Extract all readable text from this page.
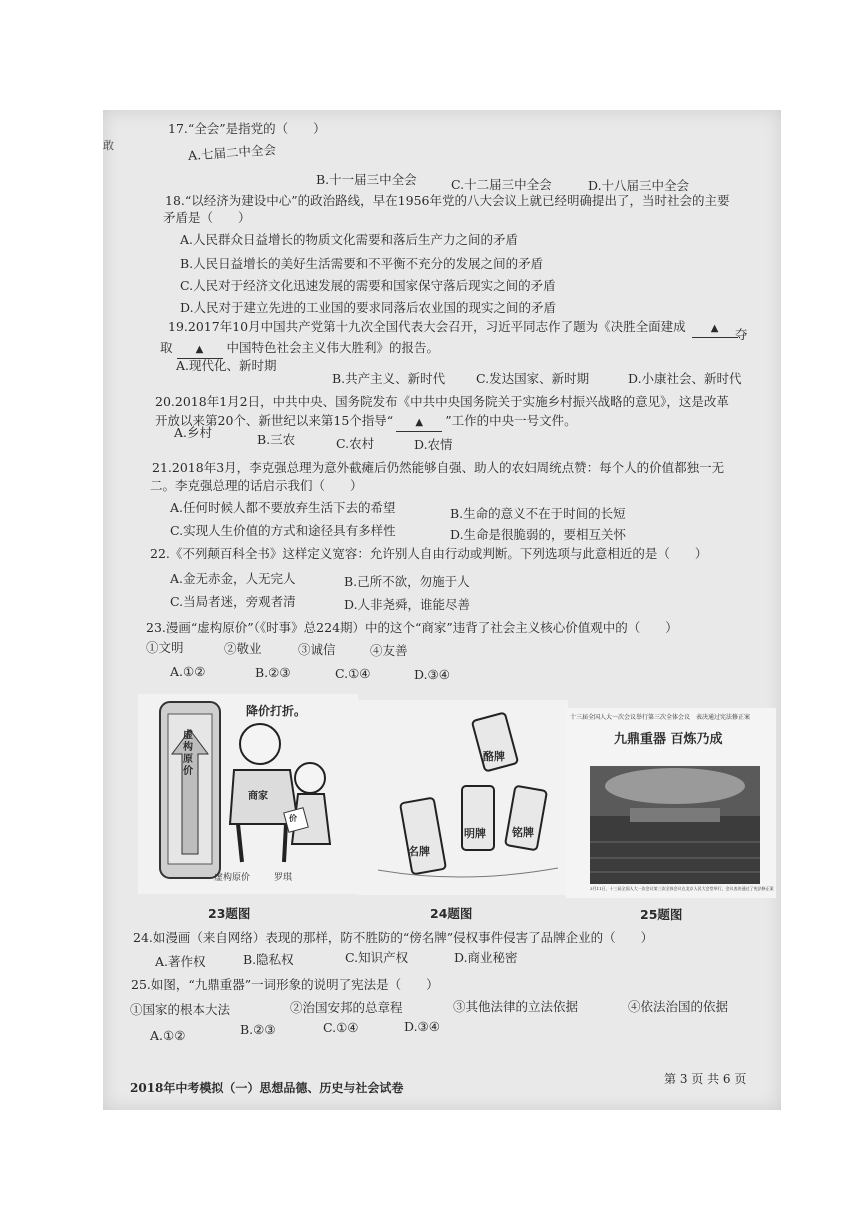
敢
17.“全会”是指党的（　　）
A.七届二中全会
B.十一届三中全会	C.十二届三中全会	D.十八届三中全会
18.“以经济为建设中心”的政治路线，早在1956年党的八大会议上就已经明确提出了，当时社会的主要
矛盾是（　　）
A.人民群众日益增长的物质文化需要和落后生产力之间的矛盾
B.人民日益增长的美好生活需要和不平衡不充分的发展之间的矛盾
C.人民对于经济文化迅速发展的需要和国家保守落后现实之间的矛盾
D.人民对于建立先进的工业国的要求同落后农业国的现实之间的矛盾
19.2017年10月中国共产党第十九次全国代表大会召开，习近平同志作了题为《决胜全面建成	▲	夺
取 ▲ 中国特色社会主义伟大胜利》的报告。
A.现代化、新时期
B.共产主义、新时代 C.发达国家、新时期	D.小康社会、新时代
20.2018年1月2日，中共中央、国务院发布《中共中央国务院关于实施乡村振兴战略的意见》，这是改革
开放以来第20个、新世纪以来第15个指导“ ▲ ”工作的中央一号文件。
A.乡村	B.三农	C.农村	D.农情
21.2018年3月，李克强总理为意外截瘫后仍然能够自强、助人的农妇周统点赞：每个人的价值都独一无
二。李克强总理的话启示我们（　　）
A.任何时候人都不要放弃生活下去的希望	B.生命的意义不在于时间的长短
C.实现人生价值的方式和途径具有多样性	D.生命是很脆弱的，要相互关怀
22.《不列颠百科全书》这样定义宽容：允许别人自由行动或判断。下列选项与此意相近的是（　　）
A.金无赤金，人无完人	B.己所不欲，勿施于人
C.当局者迷，旁观者清	D.人非尧舜，谁能尽善
23.漫画“虚构原价”（《时事》总224期）中的这个“商家”违背了社会主义核心价值观中的（　　）
①文明	②敬业	③诚信	④友善
A.①②	B.②③	C.①④	D.③④
降价打折。
虚构原价
商家
价
虚构原价	罗琪
23题图
酪牌
名牌
明牌 铭牌
24题图
十三届全国人大一次会议举行第三次全体会议　表决通过宪法修正案
九鼎重器 百炼乃成
3月11日，十三届全国人大一次会议第三次全体会议在北京人民大会堂举行，会议表决通过了宪法修正案
25题图
24.如漫画（来自网络）表现的那样，防不胜防的“傍名牌”侵权事件侵害了品牌企业的（　　）
A.著作权	B.隐私权	C.知识产权	D.商业秘密
25.如图，“九鼎重器”一词形象的说明了宪法是（　　）
①国家的根本大法	②治国安邦的总章程	③其他法律的立法依据	④依法治国的依据
A.①②	B.②③	C.①④	D.③④
2018年中考模拟（一）思想品德、历史与社会试卷
第 3 页 共 6 页
